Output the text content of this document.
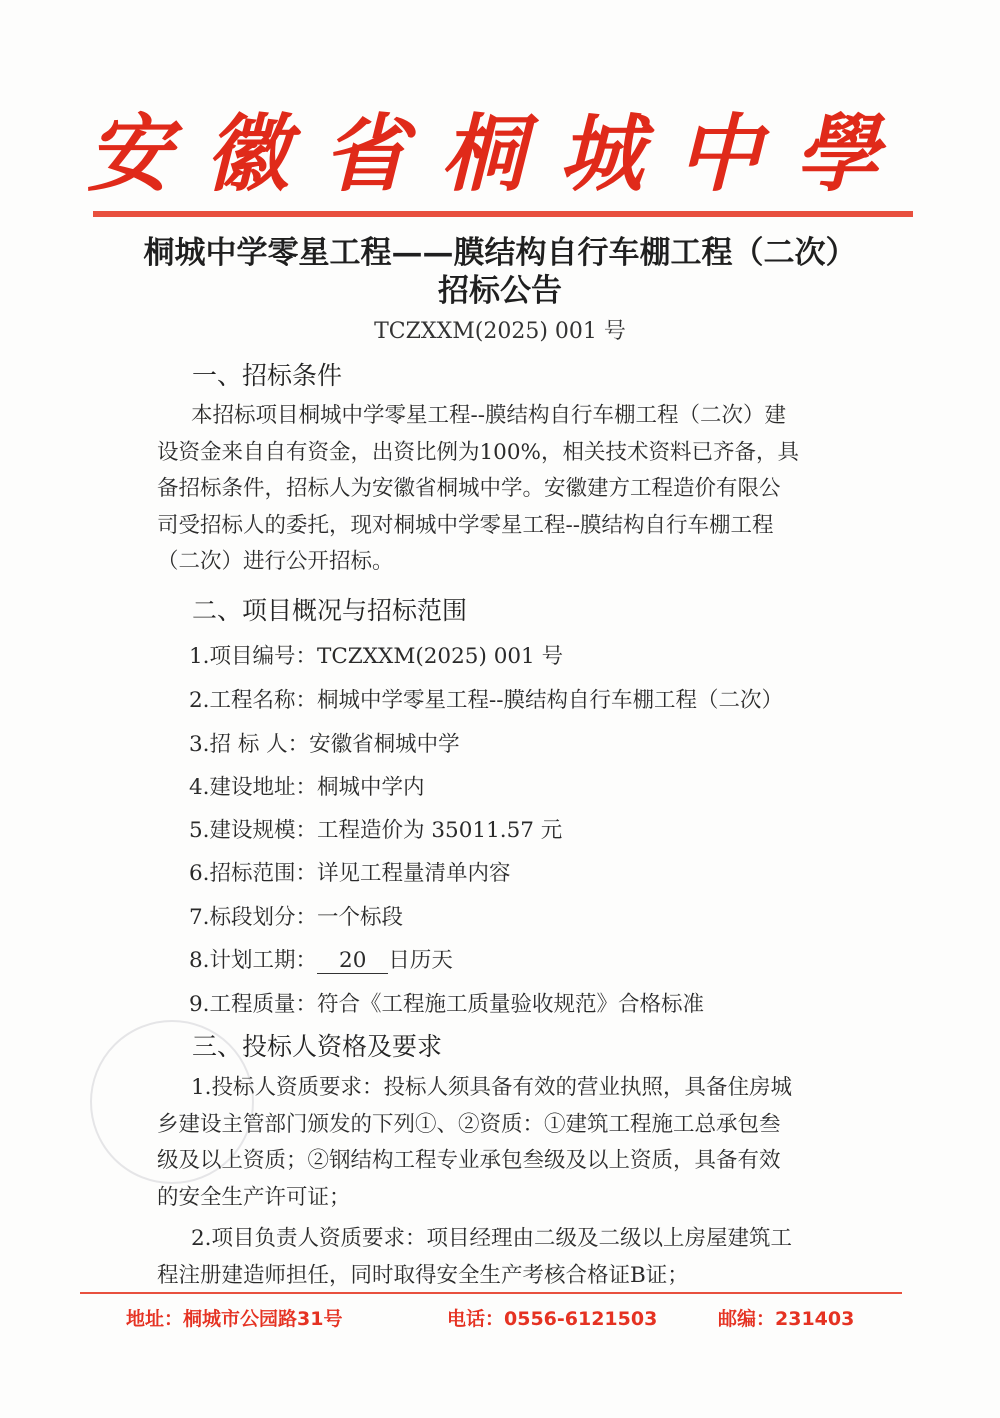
安徽省桐城中學
桐城中学零星工程——膜结构自行车棚工程（二次）
招标公告
TCZXXM(2025) 001 号
一、招标条件
本招标项目桐城中学零星工程--膜结构自行车棚工程（二次）建
设资金来自自有资金，出资比例为100%，相关技术资料已齐备，具
备招标条件，招标人为安徽省桐城中学。安徽建方工程造价有限公
司受招标人的委托，现对桐城中学零星工程--膜结构自行车棚工程
（二次）进行公开招标。
二、项目概况与招标范围
1.项目编号：TCZXXM(2025) 001 号
2.工程名称：桐城中学零星工程--膜结构自行车棚工程（二次）
3.招 标 人：安徽省桐城中学
4.建设地址：桐城中学内
5.建设规模：工程造价为 35011.57 元
6.招标范围：详见工程量清单内容
7.标段划分：一个标段
8.计划工期： 20 日历天
9.工程质量：符合《工程施工质量验收规范》合格标准
三、投标人资格及要求
1.投标人资质要求：投标人须具备有效的营业执照，具备住房城
乡建设主管部门颁发的下列①、②资质：①建筑工程施工总承包叁
级及以上资质；②钢结构工程专业承包叁级及以上资质，具备有效
的安全生产许可证；
2.项目负责人资质要求：项目经理由二级及二级以上房屋建筑工
程注册建造师担任，同时取得安全生产考核合格证B证；
地址：桐城市公园路31号	电话：0556-6121503	邮编：231403
